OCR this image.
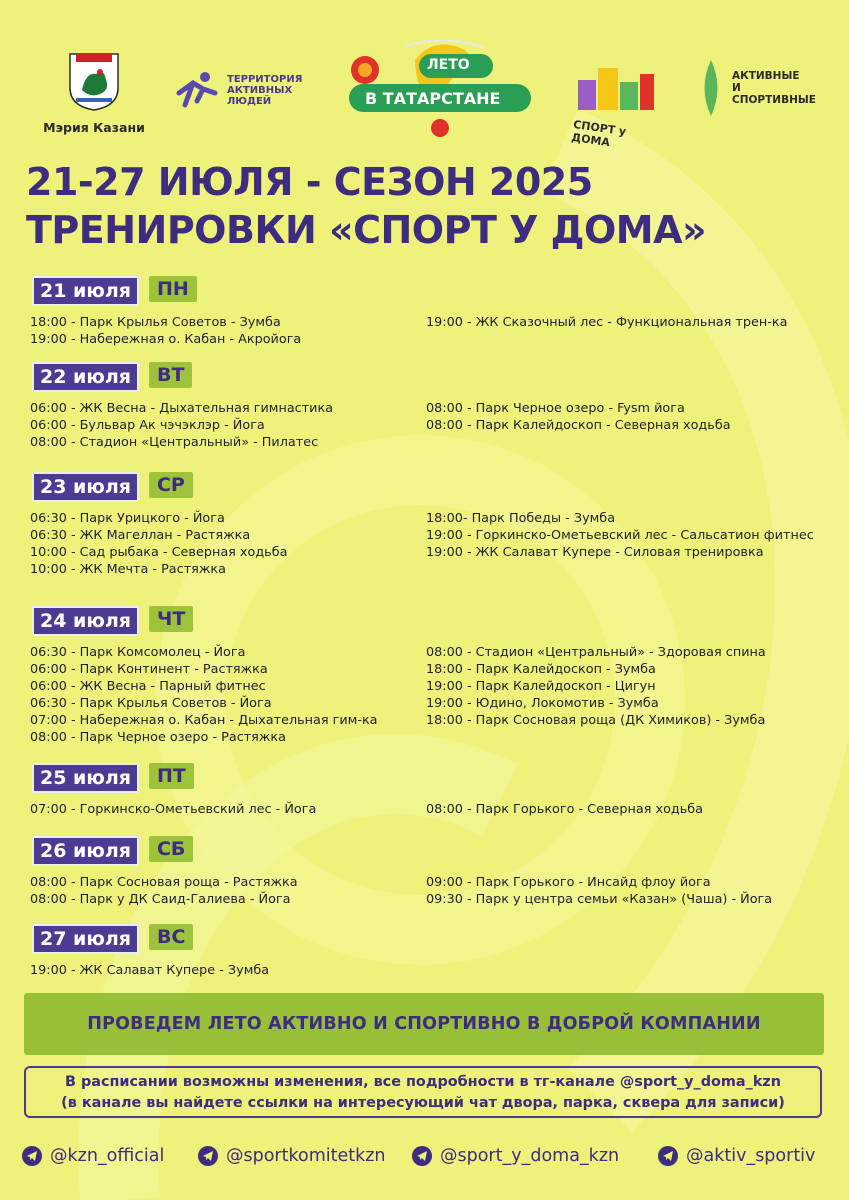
Мэрия Казани
ТЕРРИТОРИЯ
АКТИВНЫХ
ЛЮДЕЙ
ЛЕТО
В ТАТАРСТАНЕ
СПОРТ у ДОМА
АКТИВНЫЕ
И
СПОРТИВНЫЕ
21-27 ИЮЛЯ - СЕЗОН 2025
ТРЕНИРОВКИ «СПОРТ У ДОМА»
21 июля	ПН
18:00 - Парк Крылья Советов - Зумба
19:00 - Набережная о. Кабан - Акройога
19:00 - ЖК Сказочный лес - Функциональная трен-ка
22 июля	ВТ
06:00 - ЖК Весна - Дыхательная гимнастика
06:00 - Бульвар Ак чэчэклэр - Йога
08:00 - Стадион «Центральный» - Пилатес
08:00 - Парк Черное озеро - Fysm йога
08:00 - Парк Калейдоскоп - Северная ходьба
23 июля	СР
06:30 - Парк Урицкого - Йога
06:30 - ЖК Магеллан - Растяжка
10:00 - Сад рыбака - Северная ходьба
10:00 - ЖК Мечта - Растяжка
18:00- Парк Победы - Зумба
19:00 - Горкинско-Ометьевский лес - Сальсатион фитнес
19:00 - ЖК Салават Купере - Силовая тренировка
24 июля	ЧТ
06:30 - Парк Комсомолец - Йога
06:00 - Парк Континент - Растяжка
06:00 - ЖК Весна - Парный фитнес
06:30 - Парк Крылья Советов - Йога
07:00 - Набережная о. Кабан - Дыхательная гим-ка
08:00 - Парк Черное озеро - Растяжка
08:00 - Стадион «Центральный» - Здоровая спина
18:00 - Парк Калейдоскоп - Зумба
19:00 - Парк Калейдоскоп - Цигун
19:00 - Юдино, Локомотив - Зумба
18:00 - Парк Сосновая роща (ДК Химиков) - Зумба
25 июля	ПТ
07:00 - Горкинско-Ометьевский лес - Йога	08:00 - Парк Горького - Северная ходьба
26 июля	СБ
08:00 - Парк Сосновая роща - Растяжка
08:00 - Парк у ДК Саид-Галиева - Йога
09:00 - Парк Горького - Инсайд флоу йога
09:30 - Парк у центра семьи «Казан» (Чаша) - Йога
27 июля	ВС
19:00 - ЖК Салават Купере - Зумба
ПРОВЕДЕМ ЛЕТО АКТИВНО И СПОРТИВНО В ДОБРОЙ КОМПАНИИ
В расписании возможны изменения, все подробности в тг-канале @sport_y_doma_kzn
(в канале вы найдете ссылки на интересующий чат двора, парка, сквера для записи)
@kzn_official	@sportkomitetkzn	@sport_y_doma_kzn	@aktiv_sportiv
